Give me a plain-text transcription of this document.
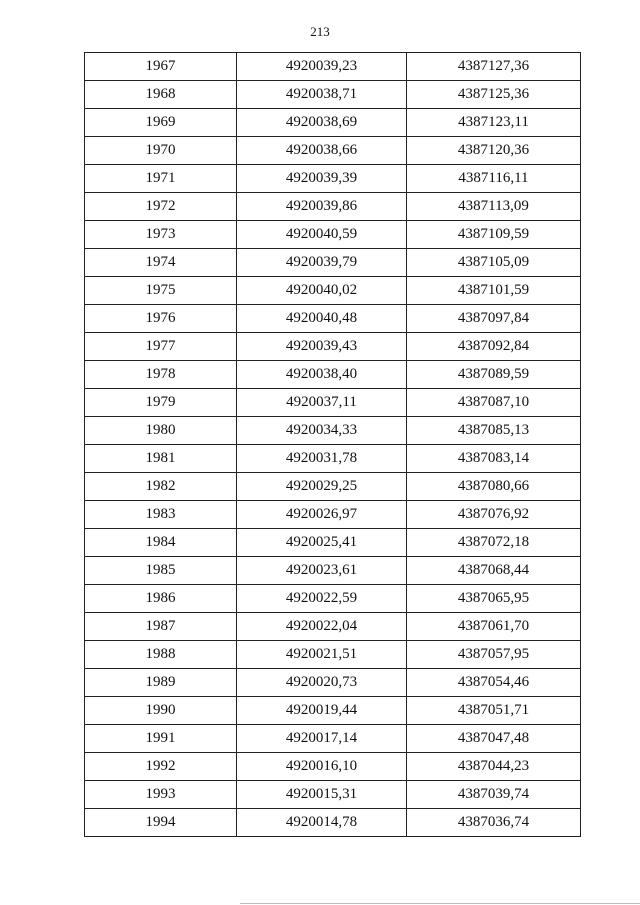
213
1967	4920039,23	4387127,36
1968	4920038,71	4387125,36
1969	4920038,69	4387123,11
1970	4920038,66	4387120,36
1971	4920039,39	4387116,11
1972	4920039,86	4387113,09
1973	4920040,59	4387109,59
1974	4920039,79	4387105,09
1975	4920040,02	4387101,59
1976	4920040,48	4387097,84
1977	4920039,43	4387092,84
1978	4920038,40	4387089,59
1979	4920037,11	4387087,10
1980	4920034,33	4387085,13
1981	4920031,78	4387083,14
1982	4920029,25	4387080,66
1983	4920026,97	4387076,92
1984	4920025,41	4387072,18
1985	4920023,61	4387068,44
1986	4920022,59	4387065,95
1987	4920022,04	4387061,70
1988	4920021,51	4387057,95
1989	4920020,73	4387054,46
1990	4920019,44	4387051,71
1991	4920017,14	4387047,48
1992	4920016,10	4387044,23
1993	4920015,31	4387039,74
1994	4920014,78	4387036,74
